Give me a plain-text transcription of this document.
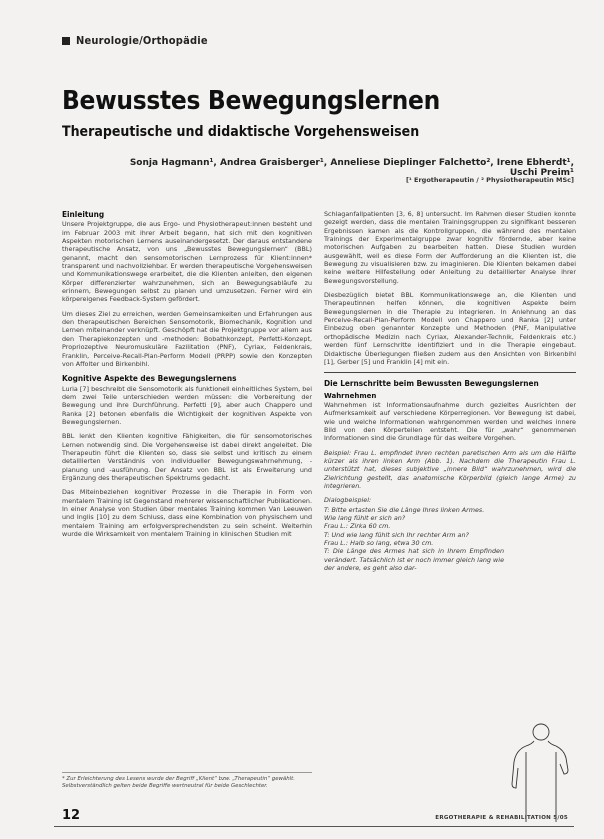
Neurologie/Orthopädie
Bewusstes Bewegungslernen
Therapeutische und didaktische Vorgehensweisen
Sonja Hagmann¹, Andrea Graisberger¹, Anneliese Dieplinger Falchetto², Irene Ebherdt¹, Uschi Preim¹
[¹ Ergotherapeutin / ² Physiotherapeutin MSc]
Einleitung

Unsere Projektgruppe, die aus Ergo- und Physiotherapeut:innen besteht und im Februar 2003 mit ihrer Arbeit begann, hat sich mit den kognitiven Aspekten motorischen Lernens auseinandergesetzt. Der daraus entstandene therapeutische Ansatz, von uns „Bewusstes Bewegungslernen“ (BBL) genannt, macht den sensomotorischen Lernprozess für Klient:innen* transparent und nachvollziehbar. Er werden therapeutische Vorgehensweisen und Kommunikationswege erarbeitet, die die Klienten anleiten, den eigenen Körper differenzierter wahrzunehmen, sich an Bewegungsabläufe zu erinnern, Bewegungen selbst zu planen und umzusetzen. Ferner wird ein körpereigenes Feedback-System gefördert.

Um dieses Ziel zu erreichen, werden Gemeinsamkeiten und Erfahrungen aus den therapeutischen Bereichen Sensomotorik, Biomechanik, Kognition und Lernen miteinander verknüpft. Geschöpft hat die Projektgruppe vor allem aus den Therapiekonzepten und -methoden: Bobathkonzept, Perfetti-Konzept, Propriozeptive Neuromuskuläre Fazilitation (PNF), Cyriax, Feldenkrais, Franklin, Perceive-Recall-Plan-Perform Modell (PRPP) sowie den Konzepten von Affolter und Birkenbihl.

Kognitive Aspekte des Bewegungslernens

Luria [7] beschreibt die Sensomotorik als funktionell einheitliches System, bei dem zwei Teile unterschieden werden müssen: die Vorbereitung der Bewegung und ihre Durchführung. Perfetti [9], aber auch Chappero und Ranka [2] betonen ebenfalls die Wichtigkeit der kognitiven Aspekte von Bewegungslernen.

BBL lenkt den Klienten kognitive Fähigkeiten, die für sensomotorisches Lernen notwendig sind. Die Vorgehensweise ist dabei direkt angeleitet. Die Therapeutin führt die Klienten so, dass sie selbst und kritisch zu einem detaillierten Verständnis von individueller Bewegungswahrnehmung, -planung und -ausführung. Der Ansatz von BBL ist als Erweiterung und Ergänzung des therapeutischen Spektrums gedacht.

Das Miteinbeziehen kognitiver Prozesse in die Therapie in Form von mentalem Training ist Gegenstand mehrerer wissenschaftlicher Publikationen. In einer Analyse von Studien über mentales Training kommen Van Leeuwen und Inglis [10] zu dem Schluss, dass eine Kombination von physischem und mentalem Training am erfolgversprechendsten zu sein scheint. Weiterhin wurde die Wirksamkeit von mentalem Training in klinischen Studien mit

* Zur Erleichterung des Lesens wurde der Begriff „Klient“ bzw. „Therapeutin“ gewählt. Selbstverständlich gelten beide Begriffe wertneutral für beide Geschlechter.

Schlaganfallpatienten [3, 6, 8] untersucht. Im Rahmen dieser Studien konnte gezeigt werden, dass die mentalen Trainingsgruppen zu signifikant besseren Ergebnissen kamen als die Kontrollgruppen, die während des mentalen Trainings der Experimentalgruppe zwar kognitiv fördernde, aber keine motorischen Aufgaben zu bearbeiten hatten. Diese Studien wurden ausgewählt, weil es diese Form der Aufforderung an die Klienten ist, die Bewegung zu visualisieren bzw. zu imaginieren. Die Klienten bekamen dabei keine weitere Hilfestellung oder Anleitung zu detaillierter Analyse ihrer Bewegungsvorstellung.

Diesbezüglich bietet BBL Kommunikationswege an, die Klienten und Therapeutinnen helfen können, die kognitiven Aspekte beim Bewegungslernen in die Therapie zu integrieren. In Anlehnung an das Perceive-Recall-Plan-Perform Modell von Chappero und Ranka [2] unter Einbezug oben genannter Konzepte und Methoden (PNF, Manipulative orthopädische Medizin nach Cyriax, Alexander-Technik, Feldenkrais etc.) werden fünf Lernschritte identifiziert und in die Therapie eingebaut. Didaktische Überlegungen fließen zudem aus den Ansichten von Birkenbihl [1], Gerber [5] und Franklin [4] mit ein.

Die Lernschritte beim Bewussten Bewegungslernen
Wahrnehmen

Wahrnehmen ist Informationsaufnahme durch gezieltes Ausrichten der Aufmerksamkeit auf verschiedene Körperregionen. Vor Bewegung ist dabei, wie und welche Informationen wahrgenommen werden und welches innere Bild von den Körperteilen entsteht. Die für „wahr“ genommenen Informationen sind die Grundlage für das weitere Vorgehen.

Beispiel: Frau L. empfindet ihren rechten paretischen Arm als um die Hälfte kürzer als ihren linken Arm (Abb. 1). Nachdem die Therapeutin Frau L. unterstützt hat, dieses subjektive „innere Bild“ wahrzunehmen, wird die Zielrichtung gestellt, das anatomische Körperbild (gleich lange Arme) zu integrieren.

Dialogbeispiel:

T: Bitte ertasten Sie die Länge Ihres linken Armes.
Wie lang fühlt er sich an?
Frau L.: Zirka 60 cm.
T: Und wie lang fühlt sich Ihr rechter Arm an?
Frau L.: Halb so lang, etwa 30 cm.
T: Die Länge des Armes hat sich in Ihrem Empfinden verändert. Tatsächlich ist er noch immer gleich lang wie der andere, es geht also dar-
12	ERGOTHERAPIE & REHABILITATION 5/05
